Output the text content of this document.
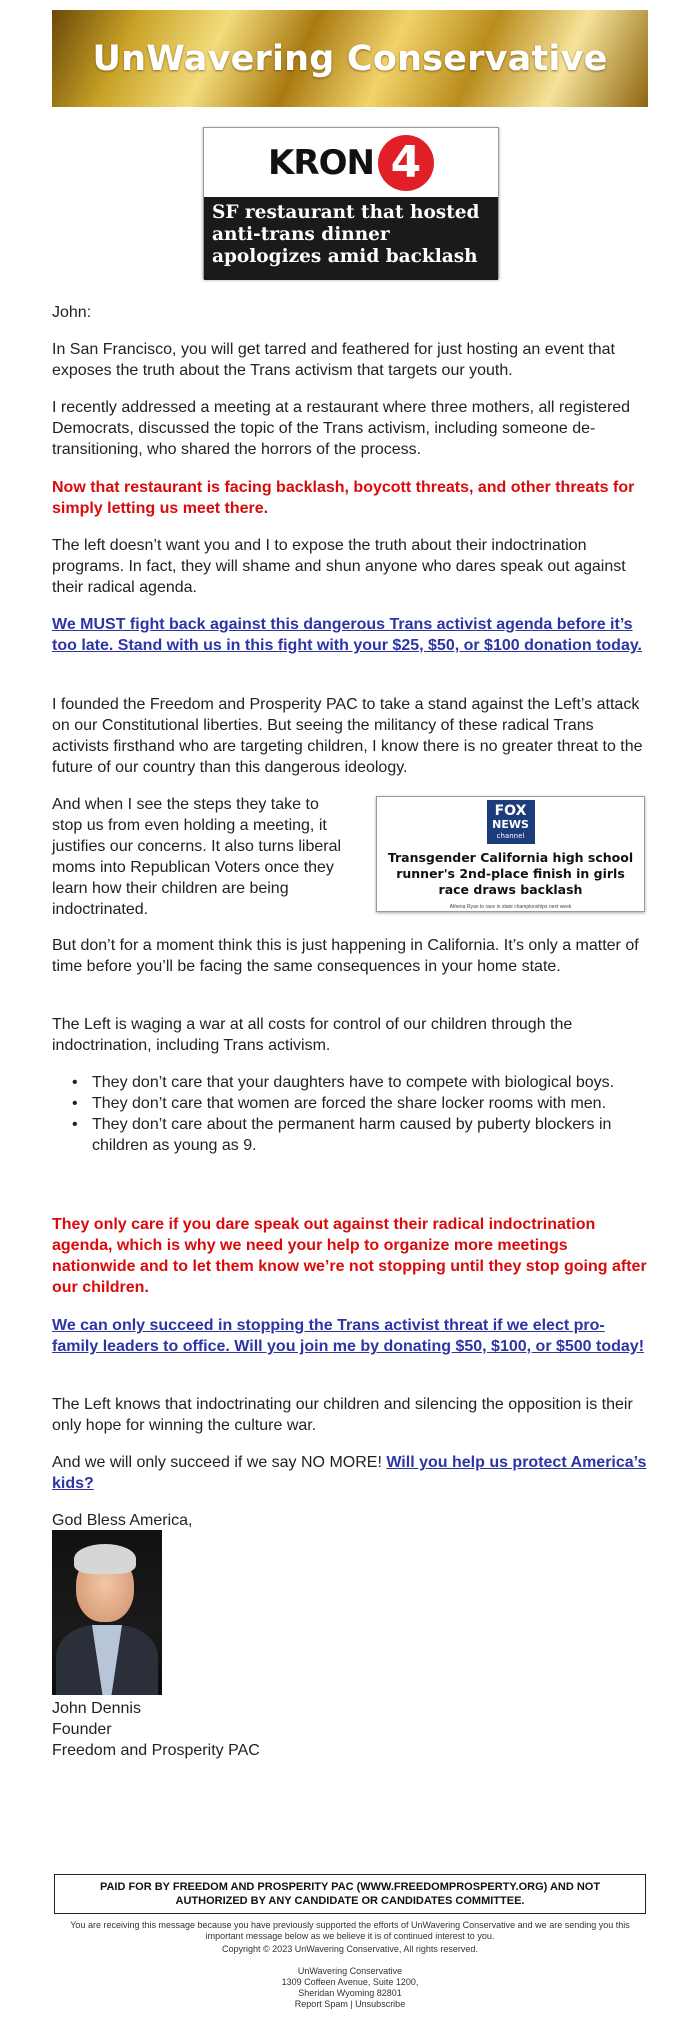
UnWavering Conservative
KRON 4
SF restaurant that hosted anti-trans dinner apologizes amid backlash
John:
In San Francisco, you will get tarred and feathered for just hosting an event that exposes the truth about the Trans activism that targets our youth.
I recently addressed a meeting at a restaurant where three mothers, all registered Democrats, discussed the topic of the Trans activism, including someone de-transitioning, who shared the horrors of the process.
Now that restaurant is facing backlash, boycott threats, and other threats for simply letting us meet there.
The left doesn’t want you and I to expose the truth about their indoctrination programs. In fact, they will shame and shun anyone who dares speak out against their radical agenda.
We MUST fight back against this dangerous Trans activist agenda before it’s too late. Stand with us in this fight with your $25, $50, or $100 donation today.
I founded the Freedom and Prosperity PAC to take a stand against the Left’s attack on our Constitutional liberties. But seeing the militancy of these radical Trans activists firsthand who are targeting children, I know there is no greater threat to the future of our country than this dangerous ideology.
And when I see the steps they take to stop us from even holding a meeting, it justifies our concerns. It also turns liberal moms into Republican Voters once they learn how their children are being indoctrinated.
FOX
NEWS
channel
Transgender California high school runner's 2nd-place finish in girls race draws backlash
Athena Ryan to race in state championships next week
But don’t for a moment think this is just happening in California. It’s only a matter of time before you’ll be facing the same consequences in your home state.
The Left is waging a war at all costs for control of our children through the indoctrination, including Trans activism.
• They don’t care that your daughters have to compete with biological boys.
• They don’t care that women are forced the share locker rooms with men.
• They don’t care about the permanent harm caused by puberty blockers in children as young as 9.
They only care if you dare speak out against their radical indoctrination agenda, which is why we need your help to organize more meetings nationwide and to let them know we’re not stopping until they stop going after our children.
We can only succeed in stopping the Trans activist threat if we elect pro-family leaders to office. Will you join me by donating $50, $100, or $500 today!
The Left knows that indoctrinating our children and silencing the opposition is their only hope for winning the culture war.
And we will only succeed if we say NO MORE! Will you help us protect America’s kids?
God Bless America,
John Dennis
Founder
Freedom and Prosperity PAC
PAID FOR BY FREEDOM AND PROSPERITY PAC (WWW.FREEDOMPROSPERTY.ORG) AND NOT AUTHORIZED BY ANY CANDIDATE OR CANDIDATES COMMITTEE.
You are receiving this message because you have previously supported the efforts of UnWavering Conservative and we are sending you this important message below as we believe it is of continued interest to you.
Copyright © 2023 UnWavering Conservative, All rights reserved.
UnWavering Conservative
1309 Coffeen Avenue, Suite 1200,
Sheridan Wyoming 82801
Report Spam | Unsubscribe
